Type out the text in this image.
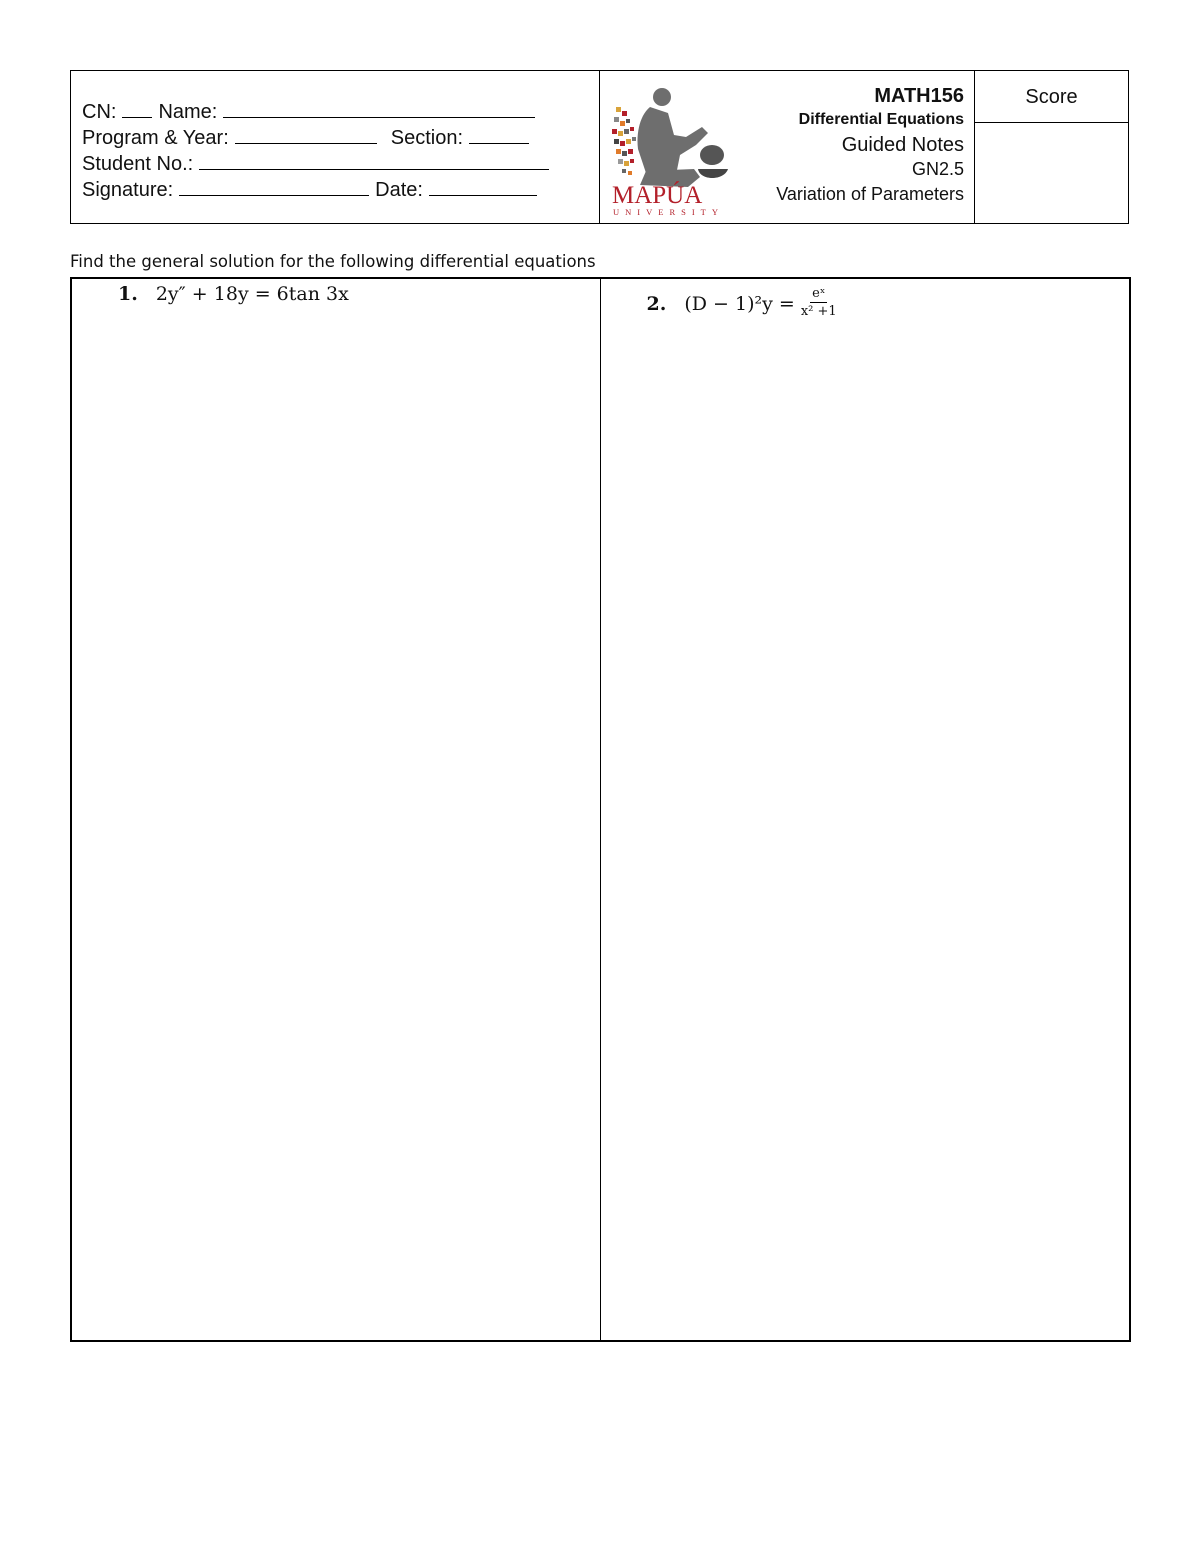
CN: Name:
Program & Year:	Section:
Student No.:
Signature:	Date:	MAPÚA
UNIVERSITY
MATH156
Differential Equations
Guided Notes
GN2.5
Variation of Parameters
Score
Find the general solution for the following differential equations
1. 2y″ + 18y = 6tan 3x	2. $(D - 1)^2y = \frac{\text{eˣ}}{\text{x² +1}}$
